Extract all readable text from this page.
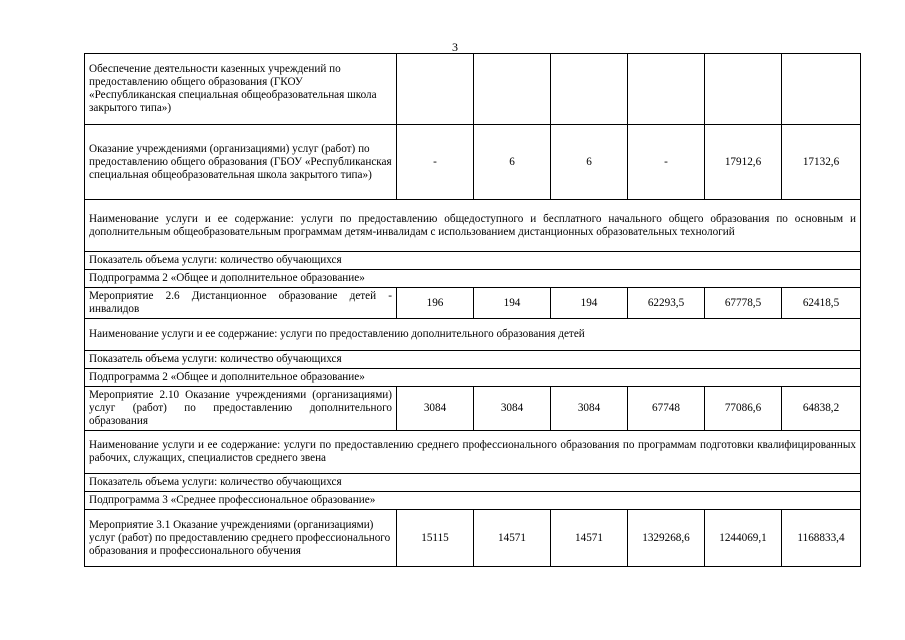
3
Обеспечение деятельности казенных учреждений по предоставлению общего образования (ГКОУ «Республиканская специальная общеобразовательная школа закрытого типа»)						
Оказание учреждениями (организациями) услуг (работ) по предоставлению общего образования (ГБОУ «Республиканская специальная общеобразовательная школа закрытого типа»)	-	6	6	-	17912,6	17132,6
Наименование услуги и ее содержание: услуги по предоставлению общедоступного и бесплатного начального общего образования по основным и дополнительным общеобразовательным программам детям-инвалидам с использованием дистанционных образовательных технологий						
Показатель объема услуги: количество обучающихся						
Подпрограмма 2 «Общее и дополнительное образование»						
Мероприятие 2.6 Дистанционное образование детей - инвалидов	196	194	194	62293,5	67778,5	62418,5
Наименование услуги и ее содержание: услуги по предоставлению дополнительного образования детей						
Показатель объема услуги: количество обучающихся						
Подпрограмма 2 «Общее и дополнительное образование»						
Мероприятие 2.10 Оказание учреждениями (организациями) услуг (работ) по предоставлению дополнительного образования	3084	3084	3084	67748	77086,6	64838,2
Наименование услуги и ее содержание: услуги по предоставлению среднего профессионального образования по программам подготовки квалифицированных рабочих, служащих, специалистов среднего звена						
Показатель объема услуги: количество обучающихся						
Подпрограмма 3 «Среднее профессиональное образование»						
Мероприятие 3.1 Оказание учреждениями (организациями) услуг (работ) по предоставлению среднего профессионального образования и профессионального обучения	15115	14571	14571	1329268,6	1244069,1	1168833,4
